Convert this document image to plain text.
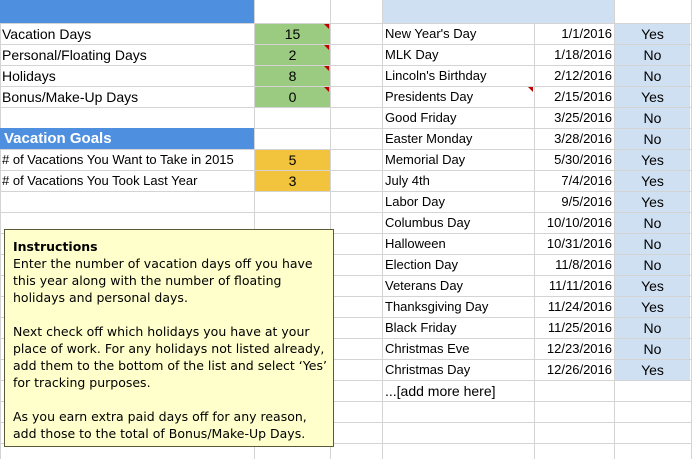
Vacation Days	15
Personal/Floating Days	2
Holidays	8
Bonus/Make-Up Days	0
Vacation Goals
# of Vacations You Want to Take in 2015	5
# of Vacations You Took Last Year	3
New Year's Day	1/1/2016	Yes
MLK Day	1/18/2016	No
Lincoln's Birthday	2/12/2016	No
Presidents Day	2/15/2016	Yes
Good Friday	3/25/2016	No
Easter Monday	3/28/2016	No
Memorial Day	5/30/2016	Yes
July 4th	7/4/2016	Yes
Labor Day	9/5/2016	Yes
Columbus Day	10/10/2016	No
Halloween	10/31/2016	No
Election Day	11/8/2016	No
Veterans Day	11/11/2016	Yes
Thanksgiving Day	11/24/2016	Yes
Black Friday	11/25/2016	No
Christmas Eve	12/23/2016	No
Christmas Day	12/26/2016	Yes
...[add more here]

Instructions

Enter the number of vacation days off you have this year along with the number of floating holidays and personal days.

Next check off which holidays you have at your place of work. For any holidays not listed already, add them to the bottom of the list and select ‘Yes’ for tracking purposes.

As you earn extra paid days off for any reason, add those to the total of Bonus/Make-Up Days.
